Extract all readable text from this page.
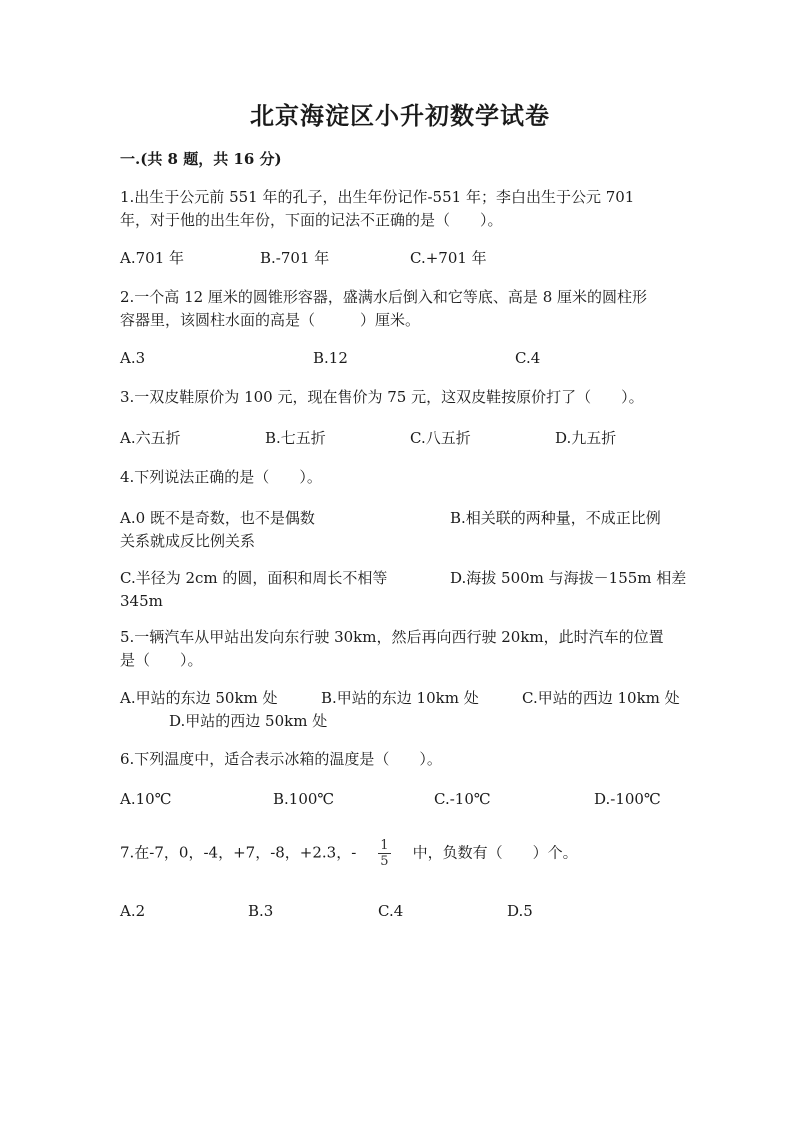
北京海淀区小升初数学试卷
一.(共 8 题，共 16 分)
1.出生于公元前 551 年的孔子，出生年份记作-551 年；李白出生于公元 701
年，对于他的出生年份，下面的记法不正确的是（　　）。
A.701 年	B.-701 年	C.+701 年
2.一个高 12 厘米的圆锥形容器，盛满水后倒入和它等底、高是 8 厘米的圆柱形
容器里，该圆柱水面的高是（　　　）厘米。
A.3	B.12	C.4
3.一双皮鞋原价为 100 元，现在售价为 75 元，这双皮鞋按原价打了（　　）。
A.六五折	B.七五折	C.八五折	D.九五折
4.下列说法正确的是（　　）。
A.0 既不是奇数，也不是偶数	B.相关联的两种量，不成正比例
关系就成反比例关系
C.半径为 2cm 的圆，面积和周长不相等	D.海拔 500m 与海拔－155m 相差
345m
5.一辆汽车从甲站出发向东行驶 30km，然后再向西行驶 20km，此时汽车的位置
是（　　）。
A.甲站的东边 50km 处	B.甲站的东边 10km 处	C.甲站的西边 10km 处
D.甲站的西边 50km 处
6.下列温度中，适合表示冰箱的温度是（　　）。
A.10℃	B.100℃	C.-10℃	D.-100℃
7.在-7，0，-4，+7，-8，+2.3，- $\frac{1}{5}$ 中，负数有（　　）个。
A.2	B.3	C.4	D.5
